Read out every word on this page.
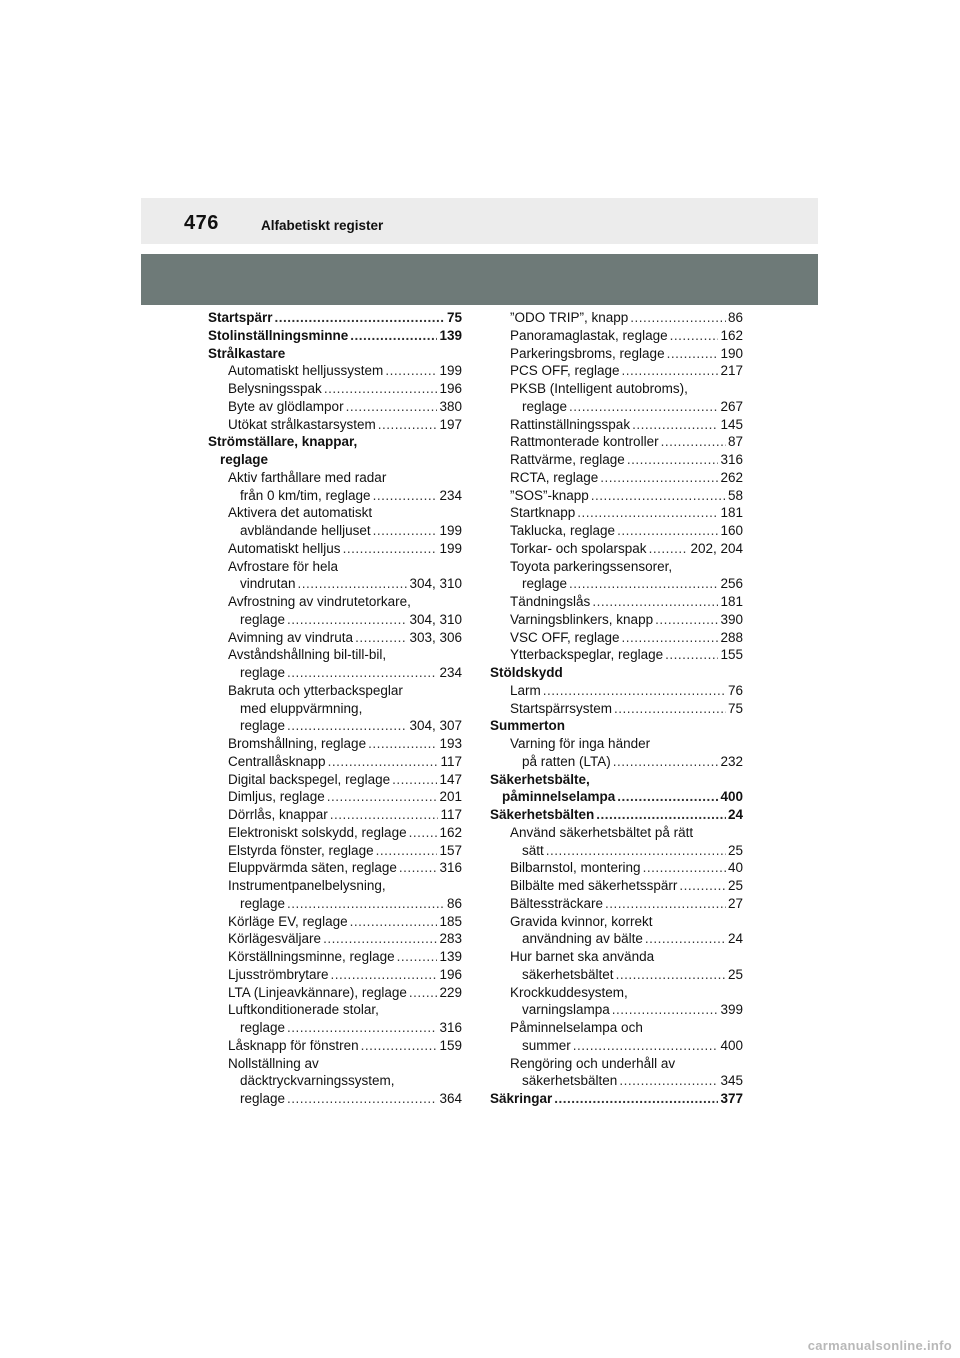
476	Alfabetiskt register
Startspärr .....	75
Stolinställningsminne .....	139
Strålkastare
Automatiskt helljussystem .....	199
Belysningsspak .....	196
Byte av glödlampor .....	380
Utökat strålkastarsystem .....	197
Strömställare, knappar,
reglage
Aktiv farthållare med radar
från 0 km/tim, reglage .....	234
Aktivera det automatiskt
avbländande helljuset .....	199
Automatiskt helljus .....	199
Avfrostare för hela
vindrutan .....	304, 310
Avfrostning av vindrutetorkare,
reglage .....	304, 310
Avimning av vindruta .....	303, 306
Avståndshållning bil-till-bil,
reglage .....	234
Bakruta och ytterbackspeglar
med eluppvärmning,
reglage .....	304, 307
Bromshållning, reglage .....	193
Centrallåsknapp .....	117
Digital backspegel, reglage .....	147
Dimljus, reglage .....	201
Dörrlås, knappar .....	117
Elektroniskt solskydd, reglage ..... 162
Elstyrda fönster, reglage .....	157
Eluppvärmda säten, reglage .....	316
Instrumentpanelbelysning,
reglage .....	86
Körläge EV, reglage .....	185
Körlägesväljare .....	283
Körställningsminne, reglage .....	139
Ljusströmbrytare .....	196
LTA (Linjeavkännare), reglage ..... 229
Luftkonditionerade stolar,
reglage .....	316
Låsknapp för fönstren .....	159
Nollställning av
däcktryckvarningssystem,
reglage .....	364
”ODO TRIP”, knapp .....	86
Panoramaglastak, reglage .....	162
Parkeringsbroms, reglage .....	190
PCS OFF, reglage .....	217
PKSB (Intelligent autobroms),
reglage .....	267
Rattinställningsspak .....	145
Rattmonterade kontroller .....	87
Rattvärme, reglage .....	316
RCTA, reglage .....	262
”SOS”-knapp .....	58
Startknapp .....	181
Taklucka, reglage .....	160
Torkar- och spolarspak .....	202, 204
Toyota parkeringssensorer,
reglage .....	256
Tändningslås .....	181
Varningsblinkers, knapp .....	390
VSC OFF, reglage .....	288
Ytterbackspeglar, reglage .....	155
Stöldskydd
Larm .....	76
Startspärrsystem .....	75
Summerton
Varning för inga händer
på ratten (LTA) .....	232
Säkerhetsbälte,
påminnelselampa .....	400
Säkerhetsbälten .....	24
Använd säkerhetsbältet på rätt
sätt .....	25
Bilbarnstol, montering .....	40
Bilbälte med säkerhetsspärr .....	25
Bältessträckare .....	27
Gravida kvinnor, korrekt
användning av bälte .....	24
Hur barnet ska använda
säkerhetsbältet .....	25
Krockkuddesystem,
varningslampa .....	399
Påminnelselampa och
summer .....	400
Rengöring och underhåll av
säkerhetsbälten .....	345
Säkringar .....	377
carmanualsonline.info
